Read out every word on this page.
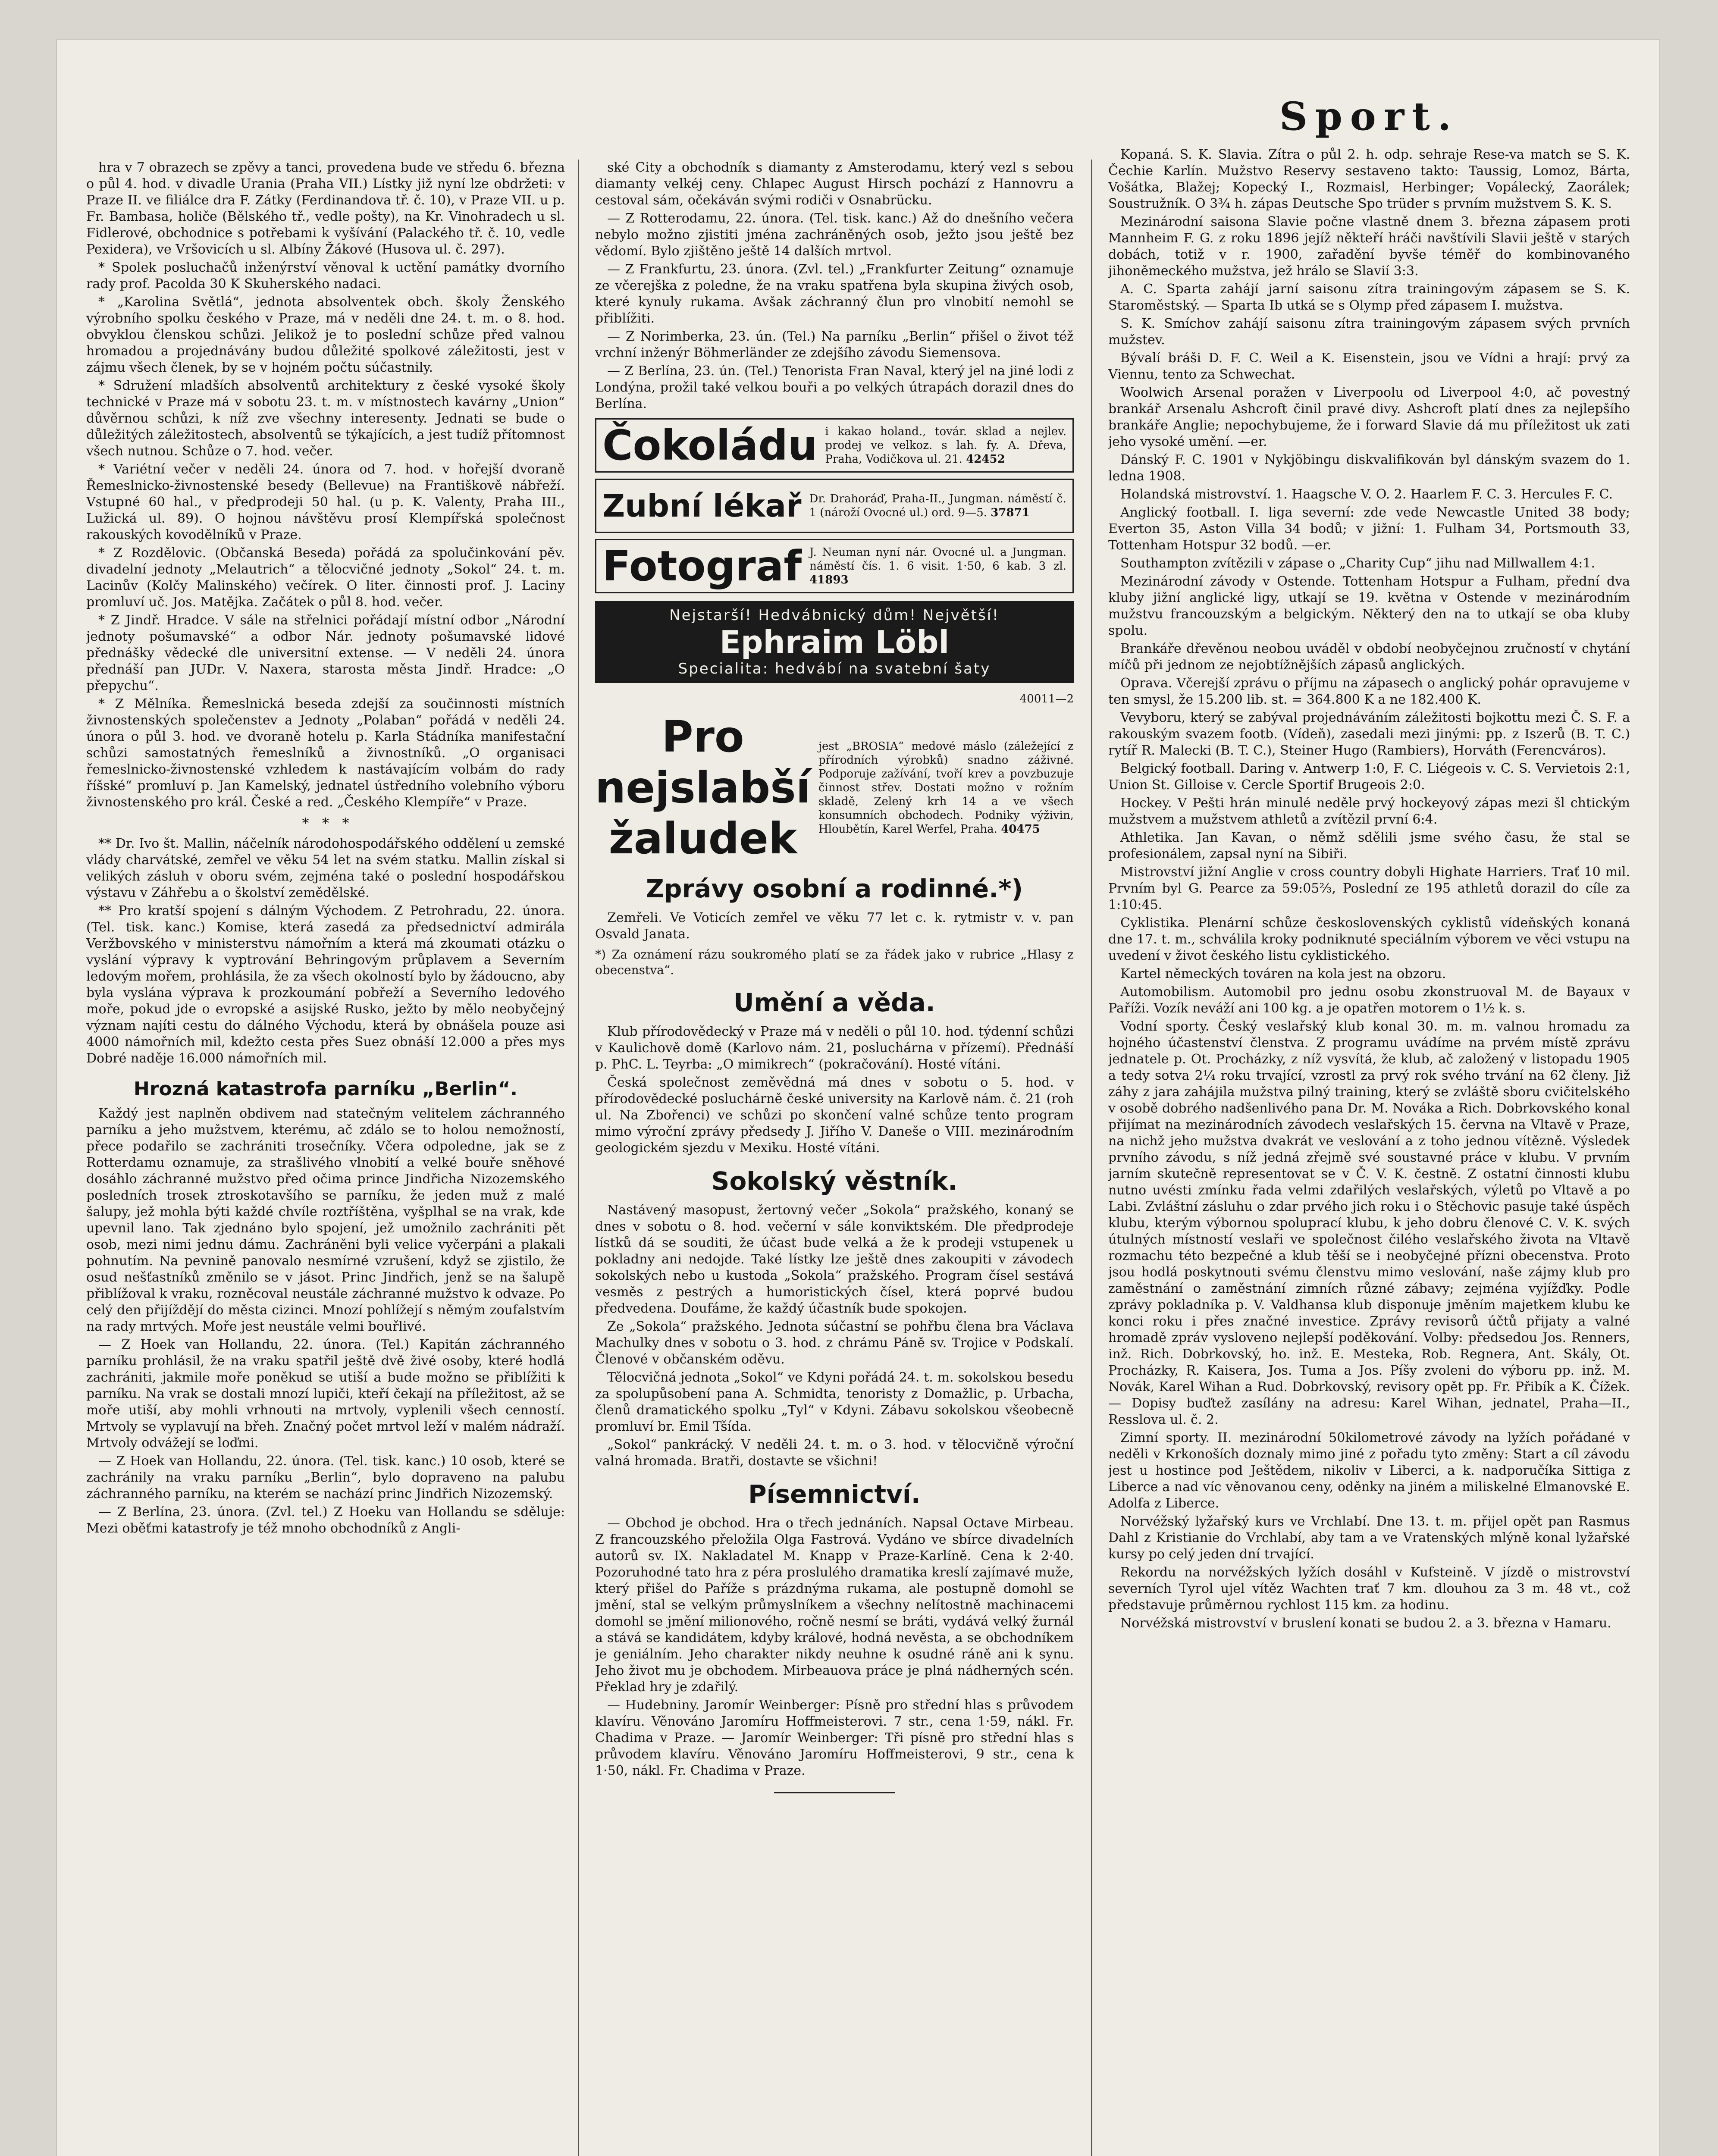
hra v 7 obrazech se zpěvy a tanci, provedena bude ve středu 6. března o půl 4. hod. v divadle Urania (Praha VII.) Lístky již nyní lze obdržeti: v Praze II. ve filiálce dra F. Zátky (Ferdinandova tř. č. 10), v Praze VII. u p. Fr. Bambasa, holiče (Bělského tř., vedle pošty), na Kr. Vinohradech u sl. Fidlerové, obchodnice s potřebami k vyšívání (Palackého tř. č. 10, vedle Pexidera), ve Vršovicích u sl. Albíny Žákové (Husova ul. č. 297).

* Spolek posluchačů inženýrství věnoval k uctění památky dvorního rady prof. Pacolda 30 K Skuherského nadaci.

* „Karolina Světlá“, jednota absolventek obch. školy Ženského výrobního spolku českého v Praze, má v neděli dne 24. t. m. o 8. hod. obvyklou členskou schůzi. Jelikož je to poslední schůze před valnou hromadou a projednávány budou důležité spolkové záležitosti, jest v zájmu všech členek, by se v hojném počtu súčastnily.

* Sdružení mladších absolventů architektury z české vysoké školy technické v Praze má v sobotu 23. t. m. v místnostech kavárny „Union“ důvěrnou schůzi, k níž zve všechny interesenty. Jednati se bude o důležitých záležitostech, absolventů se týkajících, a jest tudíž přítomnost všech nutnou. Schůze o 7. hod. večer.

* Variétní večer v neděli 24. února od 7. hod. v hořejší dvoraně Řemeslnicko-živnostenské besedy (Bellevue) na Františkově nábřeží. Vstupné 60 hal., v předprodeji 50 hal. (u p. K. Valenty, Praha III., Lužická ul. 89). O hojnou návštěvu prosí Klempířská společnost rakouských kovodělníků v Praze.

* Z Rozdělovic. (Občanská Beseda) pořádá za spolučinkování pěv. divadelní jednoty „Melautrich“ a tělocvičné jednoty „Sokol“ 24. t. m. Lacinův (Kolčy Malinského) večírek. O liter. činnosti prof. J. Laciny promluví uč. Jos. Matějka. Začátek o půl 8. hod. večer.

* Z Jindř. Hradce. V sále na střelnici pořádají místní odbor „Národní jednoty pošumavské“ a odbor Nár. jednoty pošumavské lidové přednášky vědecké dle universitní extense. — V neděli 24. února přednáší pan JUDr. V. Naxera, starosta města Jindř. Hradce: „O přepychu“.

* Z Mělníka. Řemeslnická beseda zdejší za součinnosti místních živnostenských společenstev a Jednoty „Polaban“ pořádá v neděli 24. února o půl 3. hod. ve dvoraně hotelu p. Karla Stádníka manifestační schůzi samostatných řemeslníků a živnostníků. „O organisaci řemeslnicko-živnostenské vzhledem k nastávajícím volbám do rady říšské“ promluví p. Jan Kamelský, jednatel ústředního volebního výboru živnostenského pro král. České a red. „Českého Klempíře“ v Praze.

*   *   *

** Dr. Ivo št. Mallin, náčelník národohospodářského oddělení u zemské vlády charvátské, zemřel ve věku 54 let na svém statku. Mallin získal si velikých zásluh v oboru svém, zejména také o poslední hospodářskou výstavu v Záhřebu a o školství zemědělské.

** Pro kratší spojení s dálným Východem. Z Petrohradu, 22. února. (Tel. tisk. kanc.) Komise, která zasedá za předsednictví admirála Veržbovského v ministerstvu námořním a která má zkoumati otázku o vyslání výpravy k vyptrování Behringovým průplavem a Severním ledovým mořem, prohlásila, že za všech okolností bylo by žádoucno, aby byla vyslána výprava k prozkoumání pobřeží a Severního ledového moře, pokud jde o evropské a asijské Rusko, ježto by mělo neobyčejný význam najíti cestu do dálného Východu, která by obnášela pouze asi 4000 námořních mil, kdežto cesta přes Suez obnáší 12.000 a přes mys Dobré naděje 16.000 námořních mil.

Hrozná katastrofa parníku „Berlin“.

Každý jest naplněn obdivem nad statečným velitelem záchranného parníku a jeho mužstvem, kterému, ač zdálo se to holou nemožností, přece podařilo se zachrániti trosečníky. Včera odpoledne, jak se z Rotterdamu oznamuje, za strašlivého vlnobití a velké bouře sněhové dosáhlo záchranné mužstvo před očima prince Jindřicha Nizozemského posledních trosek ztroskotavšího se parníku, že jeden muž z malé šalupy, jež mohla býti každé chvíle roztříštěna, vyšplhal se na vrak, kde upevnil lano. Tak zjednáno bylo spojení, jež umožnilo zachrániti pět osob, mezi nimi jednu dámu. Zachráněni byli velice vyčerpáni a plakali pohnutím. Na pevnině panovalo nesmírné vzrušení, když se zjistilo, že osud nešťastníků změnilo se v jásot. Princ Jindřich, jenž se na šalupě přiblížoval k vraku, rozněcoval neustále záchranné mužstvo k odvaze. Po celý den přijíždějí do města cizinci. Mnozí pohlížejí s němým zoufalstvím na rady mrtvých. Moře jest neustále velmi bouřlivé.

— Z Hoek van Hollandu, 22. února. (Tel.) Kapitán záchranného parníku prohlásil, že na vraku spatřil ještě dvě živé osoby, které hodlá zachrániti, jakmile moře poněkud se utiší a bude možno se přiblížiti k parníku. Na vrak se dostali mnozí lupiči, kteří čekají na příležitost, až se moře utiší, aby mohli vrhnouti na mrtvoly, vyplenili všech cenností. Mrtvoly se vyplavují na břeh. Značný počet mrtvol leží v malém nádraží. Mrtvoly odvážejí se loďmi.

— Z Hoek van Hollandu, 22. února. (Tel. tisk. kanc.) 10 osob, které se zachránily na vraku parníku „Berlin“, bylo dopraveno na palubu záchranného parníku, na kterém se nachází princ Jindřich Nizozemský.

— Z Berlína, 23. února. (Zvl. tel.) Z Hoeku van Hollandu se sděluje: Mezi oběťmi katastrofy je též mnoho obchodníků z Angli-

ské City a obchodník s diamanty z Amsterodamu, který vezl s sebou diamanty velkéj ceny. Chlapec August Hirsch pochází z Hannovru a cestoval sám, očekáván svými rodiči v Osnabrücku.

— Z Rotterodamu, 22. února. (Tel. tisk. kanc.) Až do dnešního večera nebylo možno zjistiti jména zachráněných osob, ježto jsou ještě bez vědomí. Bylo zjištěno ještě 14 dalších mrtvol.

— Z Frankfurtu, 23. února. (Zvl. tel.) „Frankfurter Zeitung“ oznamuje ze včerejška z poledne, že na vraku spatřena byla skupina živých osob, které kynuly rukama. Avšak záchranný člun pro vlnobití nemohl se přiblížiti.

— Z Norimberka, 23. ún. (Tel.) Na parníku „Berlin“ přišel o život též vrchní inženýr Böhmerländer ze zdejšího závodu Siemensova.

— Z Berlína, 23. ún. (Tel.) Tenorista Fran Naval, který jel na jiné lodi z Londýna, prožil také velkou bouři a po velkých útrapách dorazil dnes do Berlína.

Čokoládu i kakao holand., továr. sklad a nejlev. prodej ve velkoz. s lah. fy. A. Dřeva, Praha, Vodičkova ul. 21. 42452
Zubní lékař Dr. Drahoráď, Praha-II., Jungman. náměstí č. 1 (nároží Ovocné ul.) ord. 9—5. 37871
Fotograf J. Neuman nyní nár. Ovocné ul. a Jungman. náměstí čís. 1. 6 visit. 1·50, 6 kab. 3 zl. 41893
Nejstarší! Hedvábnický dům! Největší!
Ephraim Löbl
Specialita: hedvábí na svatební šaty
40011—2
Pro
nejslabší
žaludek
jest „BROSIA“ medové máslo (záležející z přírodních výrobků) snadno záživné. Podporuje zažívání, tvoří krev a povzbuzuje činnost střev. Dostati možno v rožním skladě, Zelený krh 14 a ve všech konsumních obchodech. Podniky výživin, Hloubětín, Karel Werfel, Praha. 40475
Zprávy osobní a rodinné.*)

Zemřeli. Ve Voticích zemřel ve věku 77 let c. k. rytmistr v. v. pan Osvald Janata.

*) Za oznámení rázu soukromého platí se za řádek jako v rubrice „Hlasy z obecenstva“.
Umění a věda.

Klub přírodovědecký v Praze má v neděli o půl 10. hod. týdenní schůzi v Kaulichově domě (Karlovo nám. 21, posluchárna v přízemí). Přednáší p. PhC. L. Teyrba: „O mimikrech“ (pokračování). Hosté vítáni.

Česká společnost zeměvědná má dnes v sobotu o 5. hod. v přírodovědecké posluchárně české university na Karlově nám. č. 21 (roh ul. Na Zbořenci) ve schůzi po skončení valné schůze tento program mimo výroční zprávy předsedy J. Jiřího V. Daneše o VIII. mezinárodním geologickém sjezdu v Mexiku. Hosté vítáni.

Sokolský věstník.

Nastávený masopust, žertovný večer „Sokola“ pražského, konaný se dnes v sobotu o 8. hod. večerní v sále konviktském. Dle předprodeje lístků dá se souditi, že účast bude velká a že k prodeji vstupenek u pokladny ani nedojde. Také lístky lze ještě dnes zakoupiti v závodech sokolských nebo u kustoda „Sokola“ pražského. Program čísel sestává vesměs z pestrých a humoristických čísel, která poprvé budou předvedena. Doufáme, že každý účastník bude spokojen.

Ze „Sokola“ pražského. Jednota súčastní se pohřbu člena bra Václava Machulky dnes v sobotu o 3. hod. z chrámu Páně sv. Trojice v Podskalí. Členové v občanském oděvu.

Tělocvičná jednota „Sokol“ ve Kdyni pořádá 24. t. m. sokolskou besedu za spolupůsobení pana A. Schmidta, tenoristy z Domažlic, p. Urbacha, členů dramatického spolku „Tyl“ v Kdyni. Zábavu sokolskou všeobecně promluví br. Emil Tšída.

„Sokol“ pankrácký. V neděli 24. t. m. o 3. hod. v tělocvičně výroční valná hromada. Bratři, dostavte se všichni!

Písemnictví.

— Obchod je obchod. Hra o třech jednáních. Napsal Octave Mirbeau. Z francouzského přeložila Olga Fastrová. Vydáno ve sbírce divadelních autorů sv. IX. Nakladatel M. Knapp v Praze-Karlíně. Cena k 2·40. Pozoruhodné tato hra z péra proslulého dramatika kreslí zajímavé muže, který přišel do Paříže s prázdnýma rukama, ale postupně domohl se jmění, stal se velkým průmyslníkem a všechny nelítostně machinacemi domohl se jmění milionového, ročně nesmí se bráti, vydává velký žurnál a stává se kandidátem, kdyby králové, hodná nevěsta, a se obchodníkem je geniálním. Jeho charakter nikdy neuhne k osudné ráně ani k synu. Jeho život mu je obchodem. Mirbeauova práce je plná nádherných scén. Překlad hry je zdařilý.

— Hudebniny. Jaromír Weinberger: Písně pro střední hlas s průvodem klavíru. Věnováno Jaromíru Hoffmeisterovi. 7 str., cena 1·59, nákl. Fr. Chadima v Praze. — Jaromír Weinberger: Tři písně pro střední hlas s průvodem klavíru. Věnováno Jaromíru Hoffmeisterovi, 9 str., cena k 1·50, nákl. Fr. Chadima v Praze.

Sport.

Kopaná. S. K. Slavia. Zítra o půl 2. h. odp. sehraje Rese-va match se S. K. Čechie Karlín. Mužstvo Reservy sestaveno takto: Taussig, Lomoz, Bárta, Vošátka, Blažej; Kopecký I., Rozmaisl, Herbinger; Vopálecký, Zaorálek; Soustružník. O 3¾ h. zápas Deutsche Spo trüder s prvním mužstvem S. K. S.

Mezinárodní saisona Slavie počne vlastně dnem 3. března zápasem proti Mannheim F. G. z roku 1896 jejíž někteří hráči navštívili Slavii ještě v starých dobách, totiž v r. 1900, zařadění byvše téměř do kombinovaného jihoněmeckého mužstva, jež hrálo se Slavií 3:3.

A. C. Sparta zahájí jarní saisonu zítra trainingovým zápasem se S. K. Staroměstský. — Sparta Ib utká se s Olymp před zápasem I. mužstva.

S. K. Smíchov zahájí saisonu zítra trainingovým zápasem svých prvních mužstev.

Bývalí bráši D. F. C. Weil a K. Eisenstein, jsou ve Vídni a hrají: prvý za Viennu, tento za Schwechat.

Woolwich Arsenal poražen v Liverpoolu od Liverpool 4:0, ač povestný brankář Arsenalu Ashcroft činil pravé divy. Ashcroft platí dnes za nejlepšího brankáře Anglie; nepochybujeme, že i forward Slavie dá mu příležitost uk zati jeho vysoké umění. —er.

Dánský F. C. 1901 v Nykjöbingu diskvalifikován byl dánským svazem do 1. ledna 1908.

Holandská mistrovství. 1. Haagsche V. O. 2. Haarlem F. C. 3. Hercules F. C.

Anglický football. I. liga severní: zde vede Newcastle United 38 body; Everton 35, Aston Villa 34 bodů; v jižní: 1. Fulham 34, Portsmouth 33, Tottenham Hotspur 32 bodů. —er.

Southampton zvítězili v zápase o „Charity Cup“ jihu nad Millwallem 4:1.

Mezinárodní závody v Ostende. Tottenham Hotspur a Fulham, přední dva kluby jižní anglické ligy, utkají se 19. května v Ostende v mezinárodním mužstvu francouzským a belgickým. Některý den na to utkají se oba kluby spolu.

Brankáře dřevěnou neobou uváděl v období neobyčejnou zručností v chytání míčů při jednom ze nejobtížnějších zápasů anglických.

Oprava. Včerejší zprávu o příjmu na zápasech o anglický pohár opravujeme v ten smysl, že 15.200 lib. st. = 364.800 K a ne 182.400 K.

Vevyboru, který se zabýval projednáváním záležitosti bojkottu mezi Č. S. F. a rakouským svazem footb. (Vídeň), zasedali mezi jinými: pp. z Iszerů (B. T. C.) rytíř R. Malecki (B. T. C.), Steiner Hugo (Rambiers), Horváth (Ferencváros).

Belgický football. Daring v. Antwerp 1:0, F. C. Liégeois v. C. S. Vervietois 2:1, Union St. Gilloise v. Cercle Sportif Brugeois 2:0.

Hockey. V Pešti hrán minulé neděle prvý hockeyový zápas mezi šl chtickým mužstvem a mužstvem athletů a zvítězil první 6:4.

Athletika. Jan Kavan, o němž sdělili jsme svého času, že stal se profesionálem, zapsal nyní na Sibiři.

Mistrovství jižní Anglie v cross country dobyli Highate Harriers. Trať 10 mil. Prvním byl G. Pearce za 59:05⅔, Poslední ze 195 athletů dorazil do cíle za 1:10:45.

Cyklistika. Plenární schůze československých cyklistů vídeňských konaná dne 17. t. m., schválila kroky podniknuté speciálním výborem ve věci vstupu na uvedení v život českého listu cyklistického.

Kartel německých továren na kola jest na obzoru.

Automobilism. Automobil pro jednu osobu zkonstruoval M. de Bayaux v Paříži. Vozík neváží ani 100 kg. a je opatřen motorem o 1½ k. s.

Vodní sporty. Český veslařský klub konal 30. m. m. valnou hromadu za hojného účastenství členstva. Z programu uvádíme na prvém místě zprávu jednatele p. Ot. Procházky, z níž vysvítá, že klub, ač založený v listopadu 1905 a tedy sotva 2¼ roku trvající, vzrostl za prvý rok svého trvání na 62 členy. Již záhy z jara zahájila mužstva pilný training, který se zvláště sboru cvičitelského v osobě dobrého nadšenlivého pana Dr. M. Nováka a Rich. Dobrkovského konal přijímat na mezinárodních závodech veslařských 15. června na Vltavě v Praze, na nichž jeho mužstva dvakrát ve veslování a z toho jednou vítězně. Výsledek prvního závodu, s níž jedná zřejmě své soustavné práce v klubu. V prvním jarním skutečně representovat se v Č. V. K. čestně. Z ostatní činnosti klubu nutno uvésti zmínku řada velmi zdařilých veslařských, výletů po Vltavě a po Labi. Zvláštní zásluhu o zdar prvého jich roku i o Stěchovic pasuje také úspěch klubu, kterým výbornou spoluprací klubu, k jeho dobru členové C. V. K. svých útulných místností veslaři ve společnost čilého veslařského života na Vltavě rozmachu této bezpečné a klub těší se i neobyčejné přízni obecenstva. Proto jsou hodlá poskytnouti svému členstvu mimo veslování, naše zájmy klub pro zaměstnání o zaměstnání zimních různé zábavy; zejména vyjížďky. Podle zprávy pokladníka p. V. Valdhansa klub disponuje jměním majetkem klubu ke konci roku i přes značné investice. Zprávy revisorů účtů přijaty a valné hromadě zpráv vysloveno nejlepší poděkování. Volby: předsedou Jos. Renners, inž. Rich. Dobrkovský, ho. inž. E. Mesteka, Rob. Regnera, Ant. Skály, Ot. Procházky, R. Kaisera, Jos. Tuma a Jos. Píšy zvoleni do výboru pp. inž. M. Novák, Karel Wihan a Rud. Dobrkovský, revisory opět pp. Fr. Přibík a K. Čížek. — Dopisy buďtež zasílány na adresu: Karel Wihan, jednatel, Praha—II., Resslova ul. č. 2.

Zimní sporty. II. mezinárodní 50kilometrové závody na lyžích pořádané v neděli v Krkonoších doznaly mimo jiné z pořadu tyto změny: Start a cíl závodu jest u hostince pod Ještědem, nikoliv v Liberci, a k. nadporučíka Sittiga z Liberce a nad víc věnovanou ceny, oděnky na jiném a miliskelné Elmanovské E. Adolfa z Liberce.

Norvéžský lyžařský kurs ve Vrchlabí. Dne 13. t. m. přijel opět pan Rasmus Dahl z Kristianie do Vrchlabí, aby tam a ve Vratenských mlýně konal lyžařské kursy po celý jeden dní trvající.

Rekordu na norvéžských lyžích dosáhl v Kufsteině. V jízdě o mistrovství severních Tyrol ujel vítěz Wachten trať 7 km. dlouhou za 3 m. 48 vt., což představuje průměrnou rychlost 115 km. za hodinu.

Norvéžská mistrovství v bruslení konati se budou 2. a 3. března v Hamaru.
